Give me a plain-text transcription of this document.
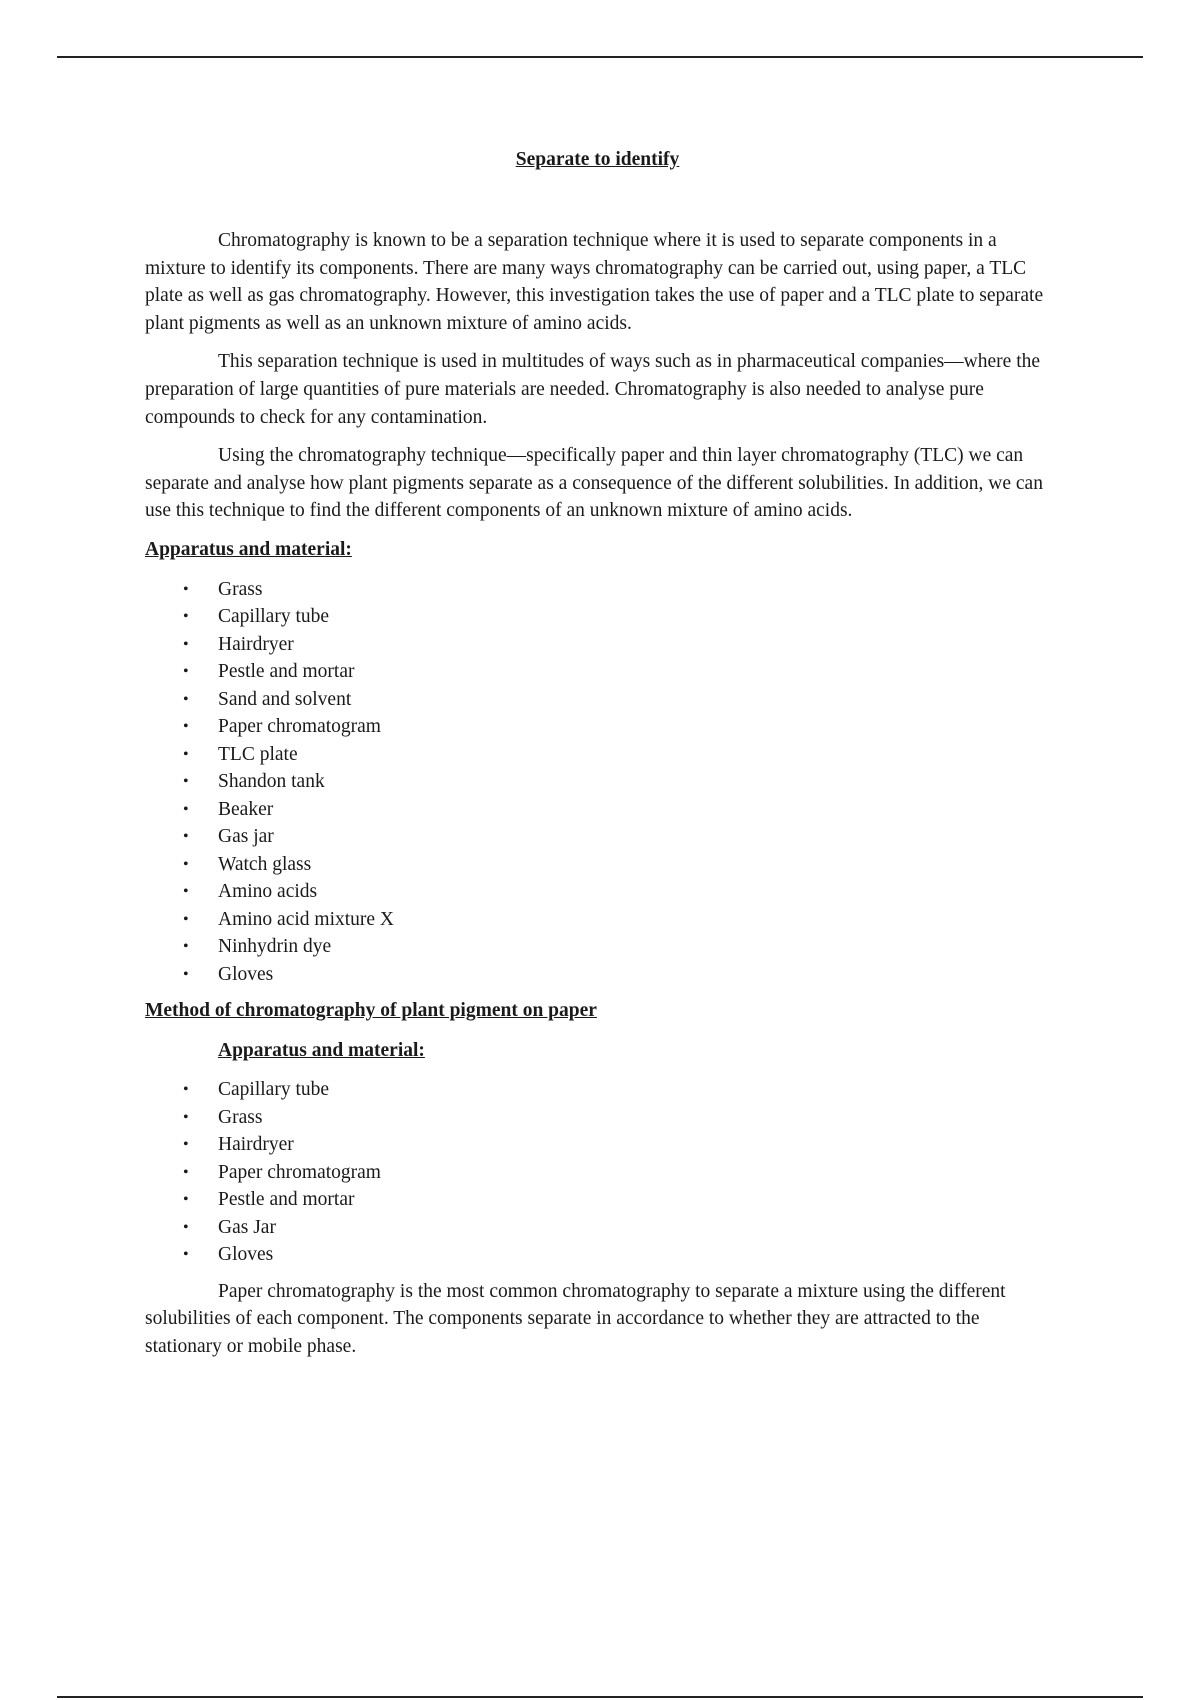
Separate to identify

Chromatography is known to be a separation technique where it is used to separate components in a mixture to identify its components. There are many ways chromatography can be carried out, using paper, a TLC plate as well as gas chromatography. However, this investigation takes the use of paper and a TLC plate to separate plant pigments as well as an unknown mixture of amino acids.

This separation technique is used in multitudes of ways such as in pharmaceutical companies—where the preparation of large quantities of pure materials are needed. Chromatography is also needed to analyse pure compounds to check for any contamination.

Using the chromatography technique—specifically paper and thin layer chromatography (TLC) we can separate and analyse how plant pigments separate as a consequence of the different solubilities. In addition, we can use this technique to find the different components of an unknown mixture of amino acids.

Apparatus and material:
• Grass
• Capillary tube
• Hairdryer
• Pestle and mortar
• Sand and solvent
• Paper chromatogram
• TLC plate
• Shandon tank
• Beaker
• Gas jar
• Watch glass
• Amino acids
• Amino acid mixture X
• Ninhydrin dye
• Gloves
Method of chromatography of plant pigment on paper
Apparatus and material:
• Capillary tube
• Grass
• Hairdryer
• Paper chromatogram
• Pestle and mortar
• Gas Jar
• Gloves

Paper chromatography is the most common chromatography to separate a mixture using the different solubilities of each component. The components separate in accordance to whether they are attracted to the stationary or mobile phase.
